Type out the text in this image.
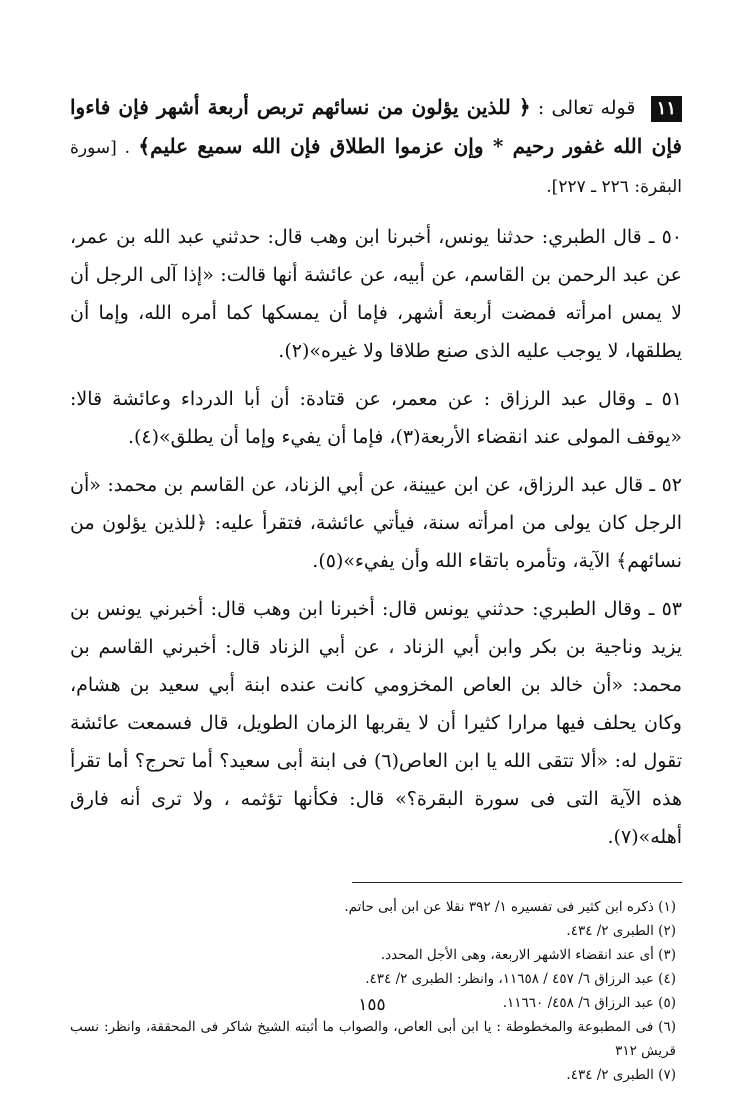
١١ قوله تعالى : ﴿ للذين يؤلون من نسائهم تربص أربعة أشهر فإن فاءوا فإن الله غفور رحيم * وإن عزموا الطلاق فإن الله سميع عليم﴾ . [سورة البقرة: ٢٢٦ ـ ٢٢٧].

٥٠ ـ قال الطبري: حدثنا يونس، أخبرنا ابن وهب قال: حدثني عبد الله بن عمر، عن عبد الرحمن بن القاسم، عن أبيه، عن عائشة أنها قالت: «إذا آلى الرجل أن لا يمس امرأته فمضت أربعة أشهر، فإما أن يمسكها كما أمره الله، وإما أن يطلقها، لا يوجب عليه الذى صنع طلاقا ولا غيره»(٢).

٥١ ـ وقال عبد الرزاق : عن معمر، عن قتادة: أن أبا الدرداء وعائشة قالا: «يوقف المولى عند انقضاء الأربعة(٣)، فإما أن يفيء وإما أن يطلق»(٤).

٥٢ ـ قال عبد الرزاق، عن ابن عيينة، عن أبي الزناد، عن القاسم بن محمد: «أن الرجل كان يولى من امرأته سنة، فيأتي عائشة، فتقرأ عليه: ﴿للذين يؤلون من نسائهم﴾ الآية، وتأمره باتقاء الله وأن يفيء»(٥).

٥٣ ـ وقال الطبري: حدثني يونس قال: أخبرنا ابن وهب قال: أخبرني يونس بن يزيد وناجية بن بكر وابن أبي الزناد ، عن أبي الزناد قال: أخبرني القاسم بن محمد: «أن خالد بن العاص المخزومي كانت عنده ابنة أبي سعيد بن هشام، وكان يحلف فيها مرارا كثيرا أن لا يقربها الزمان الطويل، قال فسمعت عائشة تقول له: «ألا تتقى الله يا ابن العاص(٦) فى ابنة أبى سعيد؟ أما تحرج؟ أما تقرأ هذه الآية التى فى سورة البقرة؟» قال: فكأنها تؤثمه ، ولا ترى أنه فارق أهله»(٧).

(١) ذكره ابن كثير فى تفسيره ١/ ٣٩٢ نقلا عن ابن أبى حاتم.

(٢) الطبرى ٢/ ٤٣٤.

(٣) أى عند انقضاء الاشهر الاربعة، وهى الأجل المحدد.

(٤) عبد الرزاق ٦/ ٤٥٧ / ١١٦٥٨، وانظر: الطبرى ٢/ ٤٣٤.

(٥) عبد الرزاق ٦/ ٤٥٨/ ١١٦٦٠.

(٦) فى المطبوعة والمخطوطة : يا ابن أبى العاص، والصواب ما أثبته الشيخ شاكر فى المحققة، وانظر: نسب قريش ٣١٢

(٧) الطبرى ٢/ ٤٣٤.

١٥٥
